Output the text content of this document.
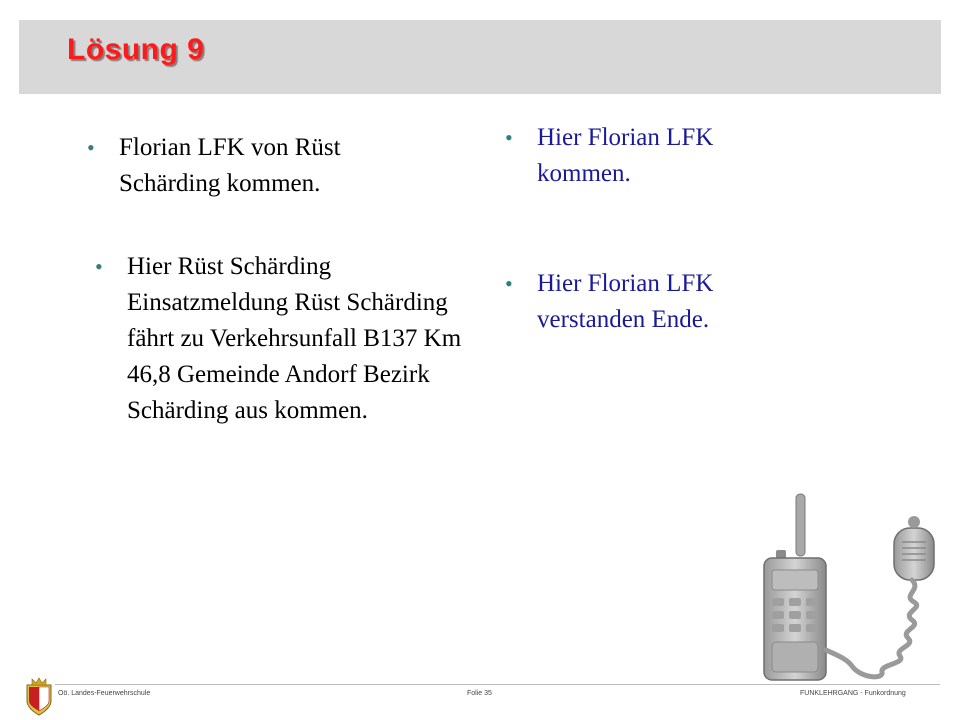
Lösung 9
• Florian LFK von Rüst Schärding kommen.
• Hier Rüst Schärding Einsatzmeldung Rüst Schärding fährt zu Verkehrsunfall B137 Km 46,8 Gemeinde Andorf Bezirk Schärding aus kommen.
• Hier Florian LFK kommen.
• Hier Florian LFK verstanden Ende.
Oö. Landes-Feuerwehrschule	Folie 35	FUNKLEHRGANG - Funkordnung
